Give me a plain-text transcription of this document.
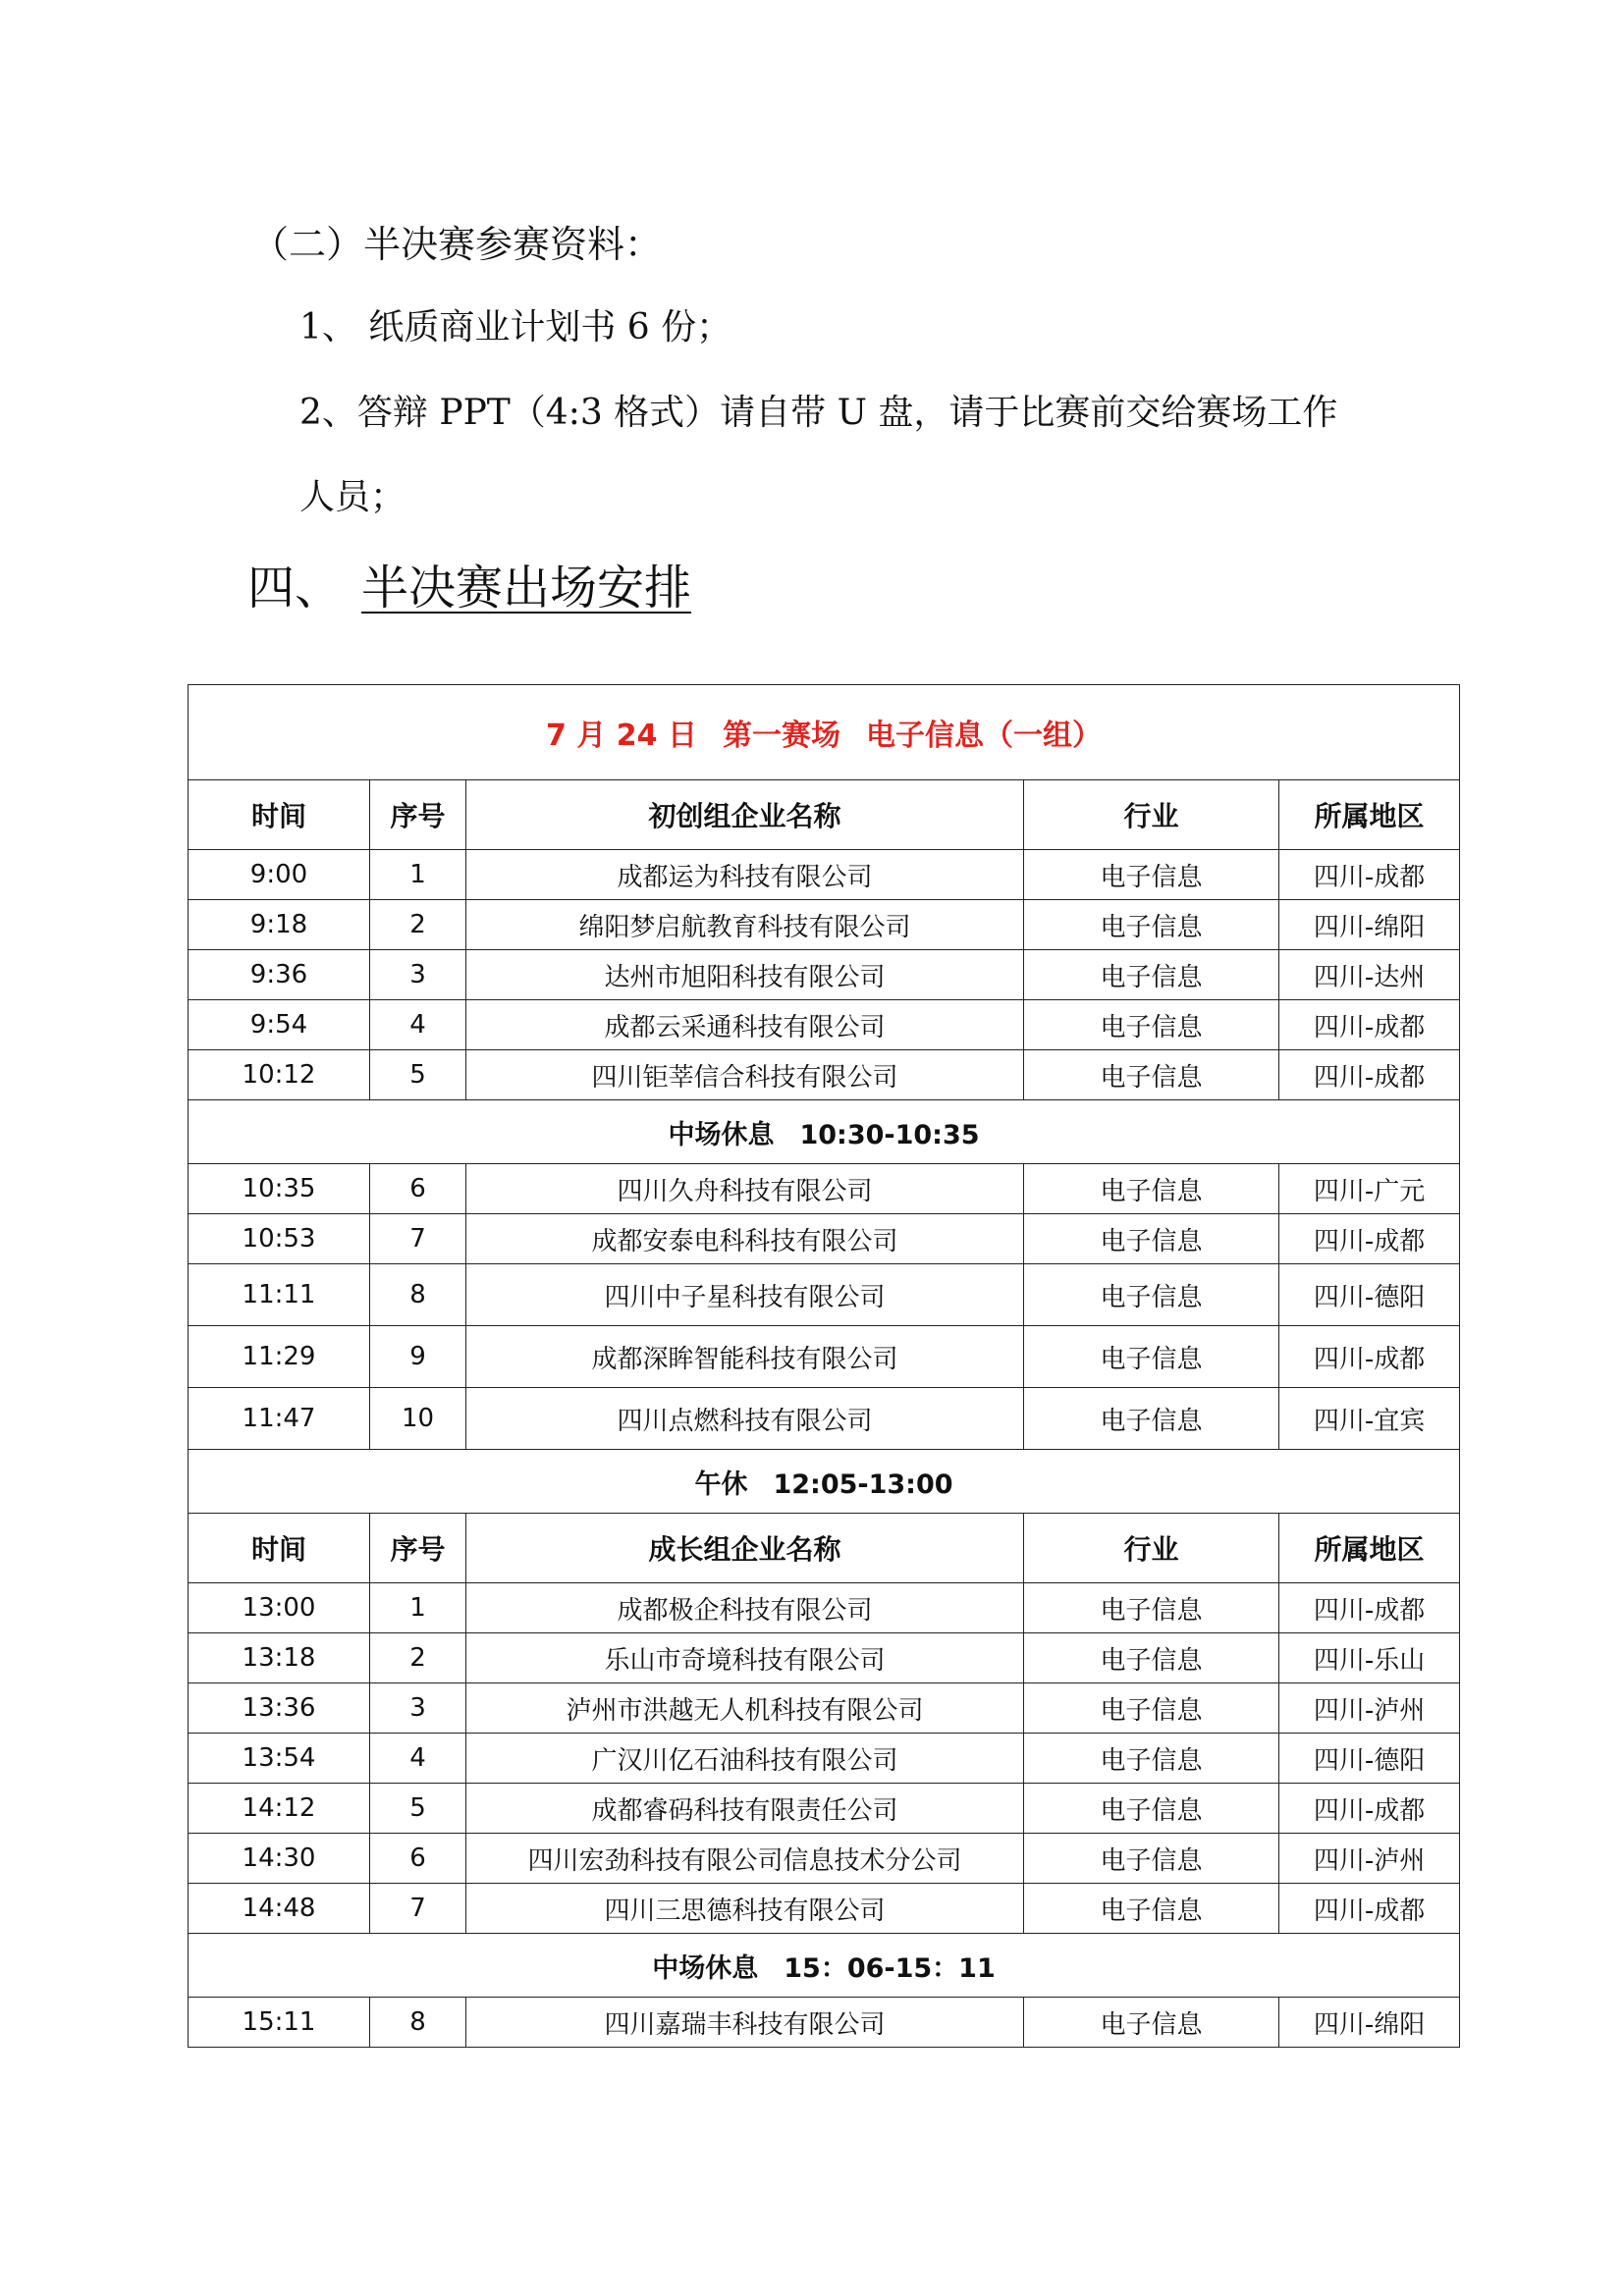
（二）半决赛参赛资料：
1、 纸质商业计划书 6 份；
2、答辩 PPT（4:3 格式）请自带 U 盘，请于比赛前交给赛场工作
人员；
四、 半决赛出场安排
7 月 24 日 第一赛场 电子信息（一组）				
时间	序号	初创组企业名称	行业	所属地区
9:00	1	成都运为科技有限公司	电子信息	四川-成都
9:18	2	绵阳梦启航教育科技有限公司	电子信息	四川-绵阳
9:36	3	达州市旭阳科技有限公司	电子信息	四川-达州
9:54	4	成都云采通科技有限公司	电子信息	四川-成都
10:12	5	四川钜莘信合科技有限公司	电子信息	四川-成都
中场休息 10:30-10:35				
10:35	6	四川久舟科技有限公司	电子信息	四川-广元
10:53	7	成都安泰电科科技有限公司	电子信息	四川-成都
11:11	8	四川中子星科技有限公司	电子信息	四川-德阳
11:29	9	成都深眸智能科技有限公司	电子信息	四川-成都
11:47	10	四川点燃科技有限公司	电子信息	四川-宜宾
午休 12:05-13:00				
时间	序号	成长组企业名称	行业	所属地区
13:00	1	成都极企科技有限公司	电子信息	四川-成都
13:18	2	乐山市奇境科技有限公司	电子信息	四川-乐山
13:36	3	泸州市洪越无人机科技有限公司	电子信息	四川-泸州
13:54	4	广汉川亿石油科技有限公司	电子信息	四川-德阳
14:12	5	成都睿码科技有限责任公司	电子信息	四川-成都
14:30	6	四川宏劲科技有限公司信息技术分公司	电子信息	四川-泸州
14:48	7	四川三思德科技有限公司	电子信息	四川-成都
中场休息 15：06-15：11				
15:11	8	四川嘉瑞丰科技有限公司	电子信息	四川-绵阳
